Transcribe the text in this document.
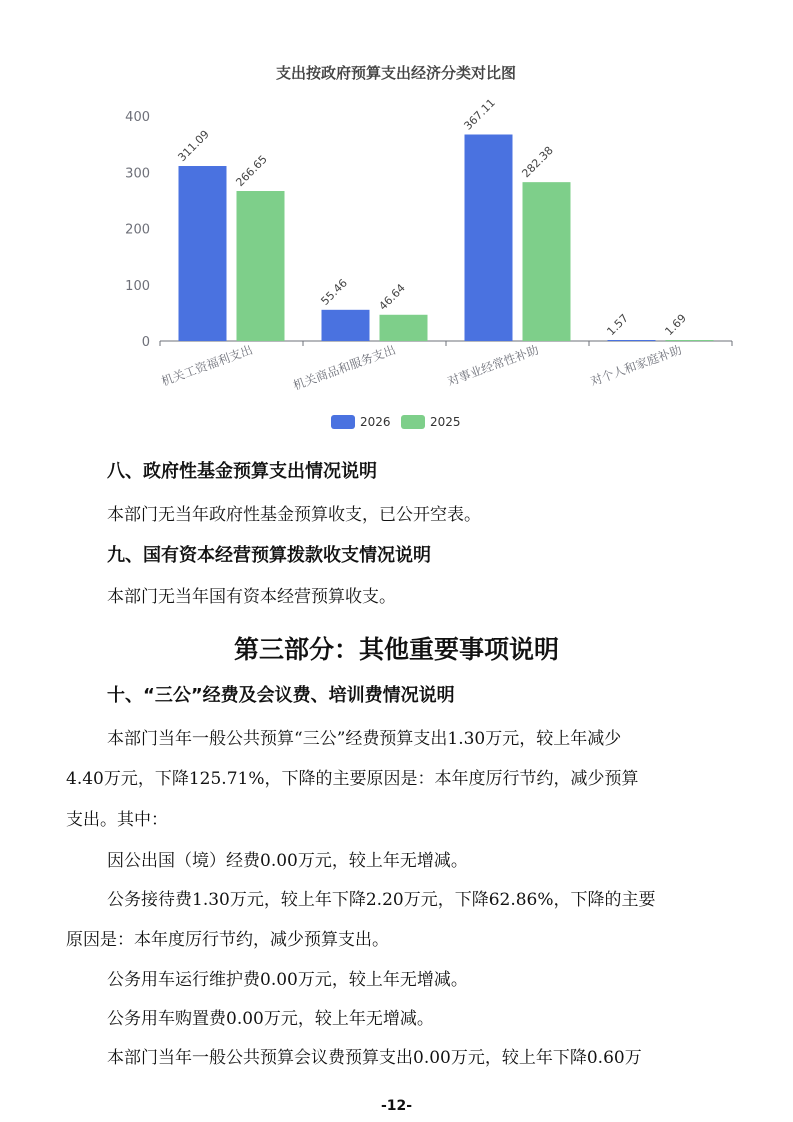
支出按政府预算支出经济分类对比图
0
100
200
300
400
311.09
266.65
55.46 46.64
367.11
282.38
1.57	1.69
机关工资福利支出	机关商品和服务支出	对事业经常性补助	对个人和家庭补助
2026	2025
八、政府性基金预算支出情况说明
本部门无当年政府性基金预算收支，已公开空表。
九、国有资本经营预算拨款收支情况说明
本部门无当年国有资本经营预算收支。
第三部分：其他重要事项说明
十、“三公”经费及会议费、培训费情况说明
本部门当年一般公共预算“三公”经费预算支出1.30万元，较上年减少
4.40万元，下降125.71%，下降的主要原因是：本年度厉行节约，减少预算
支出。其中：
因公出国（境）经费0.00万元，较上年无增减。
公务接待费1.30万元，较上年下降2.20万元，下降62.86%，下降的主要
原因是：本年度厉行节约，减少预算支出。
公务用车运行维护费0.00万元，较上年无增减。
公务用车购置费0.00万元，较上年无增减。
本部门当年一般公共预算会议费预算支出0.00万元，较上年下降0.60万
-12-
